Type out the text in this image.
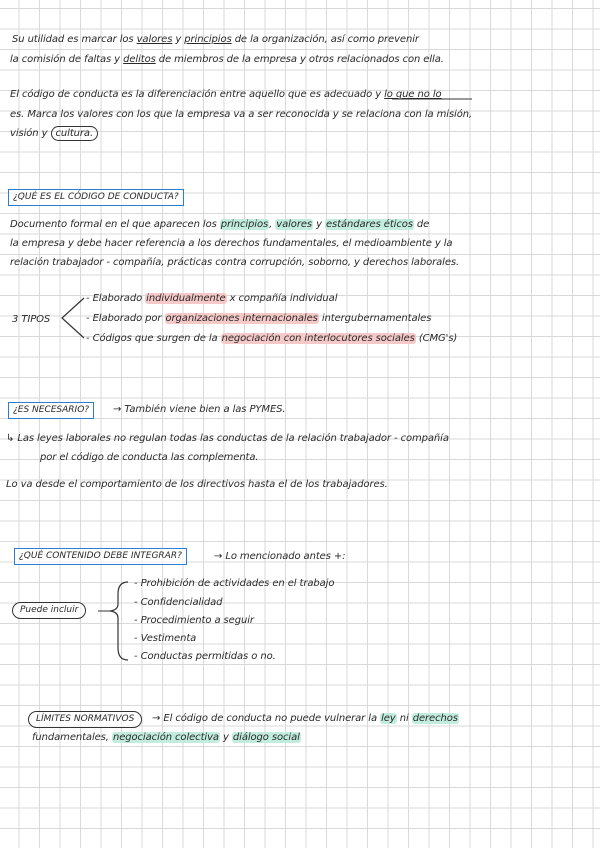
Su utilidad es marcar los valores y principios de la organización, así como prevenir
la comisión de faltas y delitos de miembros de la empresa y otros relacionados con ella.
El código de conducta es la diferenciación entre aquello que es adecuado y lo que no lo
es. Marca los valores con los que la empresa va a ser reconocida y se relaciona con la misión,
visión y cultura.
¿QUÉ ES EL CÓDIGO DE CONDUCTA?
Documento formal en el que aparecen los principios, valores y estándares éticos de
la empresa y debe hacer referencia a los derechos fundamentales, el medioambiente y la
relación trabajador - compañía, prácticas contra corrupción, soborno, y derechos laborales.
3 TIPOS
- Elaborado individualmente x compañía individual
- Elaborado por organizaciones internacionales intergubernamentales
- Códigos que surgen de la negociación con interlocutores sociales (CMG's)
¿ES NECESARIO?	→ También viene bien a las PYMES.
↳ Las leyes laborales no regulan todas las conductas de la relación trabajador - compañía
por el código de conducta las complementa.
Lo va desde el comportamiento de los directivos hasta el de los trabajadores.
¿QUÉ CONTENIDO DEBE INTEGRAR?	→ Lo mencionado antes +:
Puede incluir
- Prohibición de actividades en el trabajo
- Confidencialidad
- Procedimiento a seguir
- Vestimenta
- Conductas permitidas o no.
LÍMITES NORMATIVOS	→ El código de conducta no puede vulnerar la ley ni derechos
fundamentales, negociación colectiva y diálogo social
